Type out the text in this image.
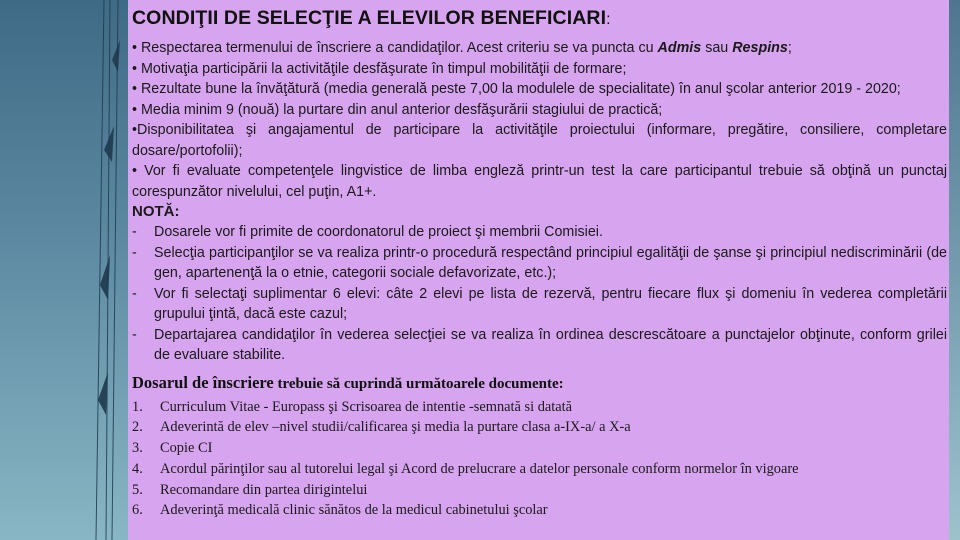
CONDIŢII DE SELECŢIE A ELEVILOR BENEFICIARI:

• Respectarea termenului de înscriere a candidaţilor. Acest criteriu se va puncta cu Admis sau Respins;

• Motivaţia participării la activităţile desfăşurate în timpul mobilităţii de formare;

• Rezultate bune la învăţătură (media generală peste 7,00 la modulele de specialitate) în anul şcolar anterior 2019 - 2020;

• Media minim 9 (nouă) la purtare din anul anterior desfăşurării stagiului de practică;

•Disponibilitatea şi angajamentul de participare la activităţile proiectului (informare, pregătire, consiliere, completare dosare/portofolii);

• Vor fi evaluate competenţele lingvistice de limba engleză printr-un test la care participantul trebuie să obţină un punctaj corespunzător nivelului, cel puţin, A1+.

NOTĂ:

-	Dosarele vor fi primite de coordonatorul de proiect şi membrii Comisiei.
-	Selecţia participanţilor se va realiza printr-o procedură respectând principiul egalităţii de şanse şi principiul nediscriminării (de gen, apartenenţă la o etnie, categorii sociale defavorizate, etc.);
-	Vor fi selectaţi suplimentar 6 elevi: câte 2 elevi pe lista de rezervă, pentru fiecare flux şi domeniu în vederea completării grupului ţintă, dacă este cazul;
-	Departajarea candidaţilor în vederea selecţiei se va realiza în ordinea descrescătoare a punctajelor obţinute, conform grilei de evaluare stabilite.
Dosarul de înscriere trebuie să cuprindă următoarele documente:
1.	Curriculum Vitae - Europass şi Scrisoarea de intentie -semnată si datată
2.	Adeverintă de elev –nivel studii/calificarea şi media la purtare clasa a-IX-a/ a X-a
3.	Copie CI
4.	Acordul părinţilor sau al tutorelui legal şi Acord de prelucrare a datelor personale conform normelor în vigoare
5.	Recomandare din partea dirigintelui
6.	Adeverinţă medicală clinic sănătos de la medicul cabinetului şcolar
